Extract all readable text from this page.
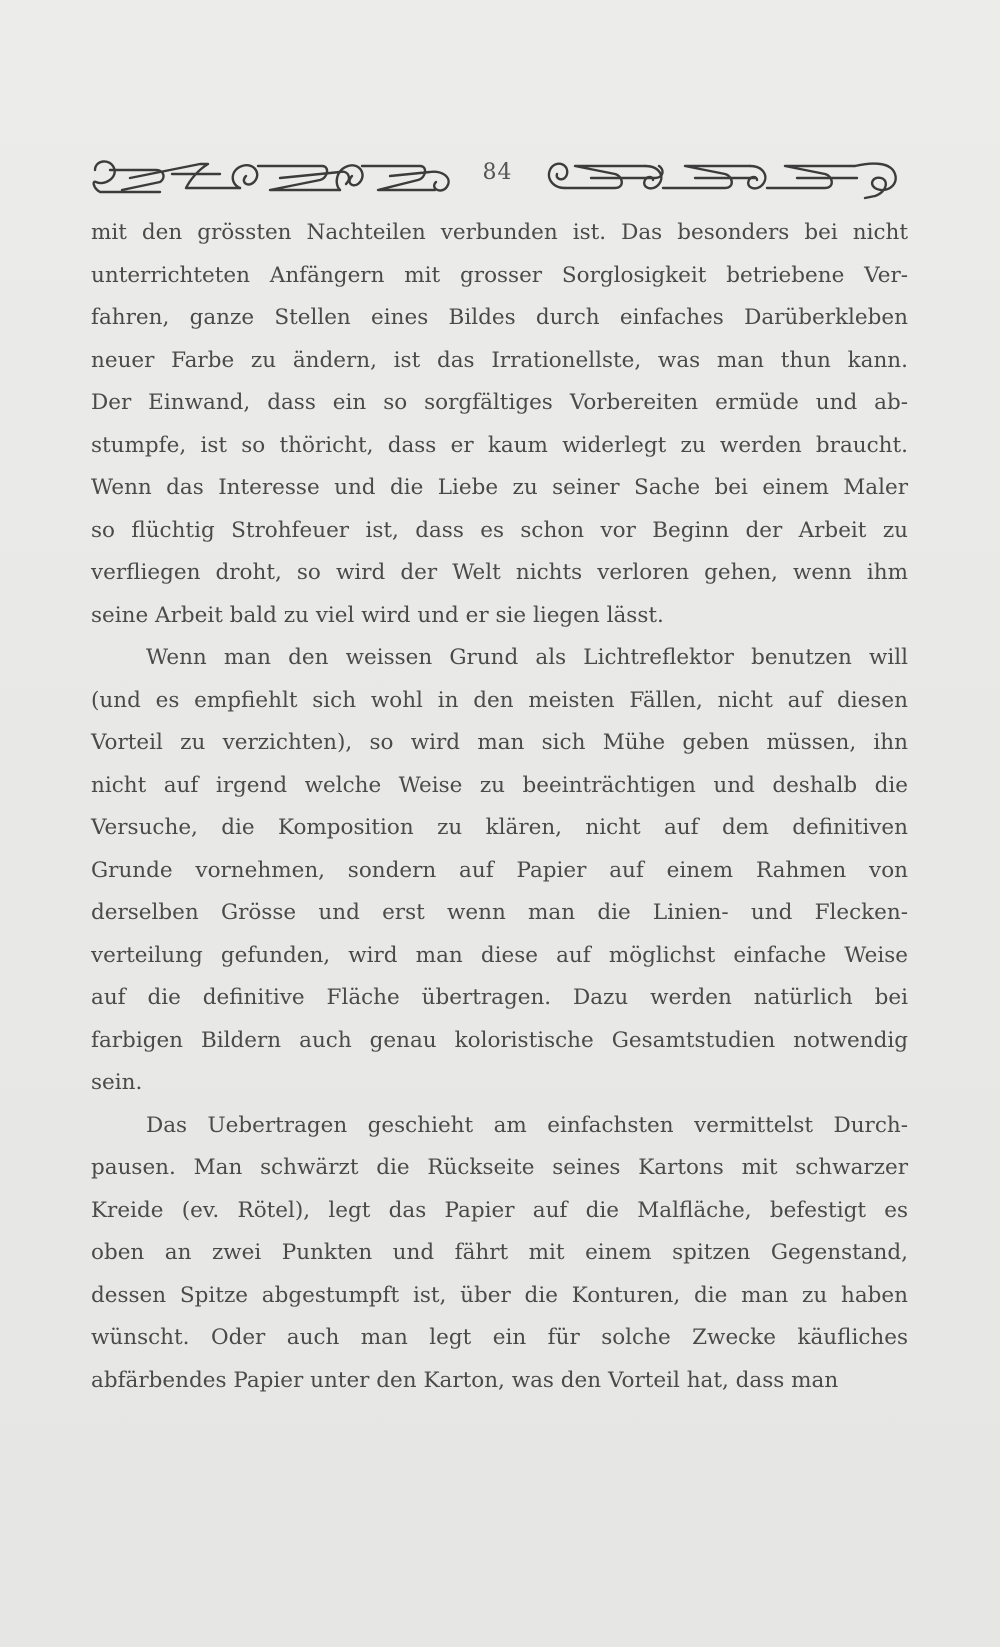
84
mit den grössten Nachteilen verbunden ist. Das besonders bei nicht
unterrichteten Anfängern mit grosser Sorglosigkeit betriebene Ver-
fahren, ganze Stellen eines Bildes durch einfaches Darüberkleben
neuer Farbe zu ändern, ist das Irrationellste, was man thun kann.
Der Einwand, dass ein so sorgfältiges Vorbereiten ermüde und ab-
stumpfe, ist so thöricht, dass er kaum widerlegt zu werden braucht.
Wenn das Interesse und die Liebe zu seiner Sache bei einem Maler
so flüchtig Strohfeuer ist, dass es schon vor Beginn der Arbeit zu
verfliegen droht, so wird der Welt nichts verloren gehen, wenn ihm
seine Arbeit bald zu viel wird und er sie liegen lässt.
Wenn man den weissen Grund als Lichtreflektor benutzen will
(und es empfiehlt sich wohl in den meisten Fällen, nicht auf diesen
Vorteil zu verzichten), so wird man sich Mühe geben müssen, ihn
nicht auf irgend welche Weise zu beeinträchtigen und deshalb die
Versuche, die Komposition zu klären, nicht auf dem definitiven
Grunde vornehmen, sondern auf Papier auf einem Rahmen von
derselben Grösse und erst wenn man die Linien- und Flecken-
verteilung gefunden, wird man diese auf möglichst einfache Weise
auf die definitive Fläche übertragen. Dazu werden natürlich bei
farbigen Bildern auch genau koloristische Gesamtstudien notwendig
sein.
Das Uebertragen geschieht am einfachsten vermittelst Durch-
pausen. Man schwärzt die Rückseite seines Kartons mit schwarzer
Kreide (ev. Rötel), legt das Papier auf die Malfläche, befestigt es
oben an zwei Punkten und fährt mit einem spitzen Gegenstand,
dessen Spitze abgestumpft ist, über die Konturen, die man zu haben
wünscht. Oder auch man legt ein für solche Zwecke käufliches
abfärbendes Papier unter den Karton, was den Vorteil hat, dass man
